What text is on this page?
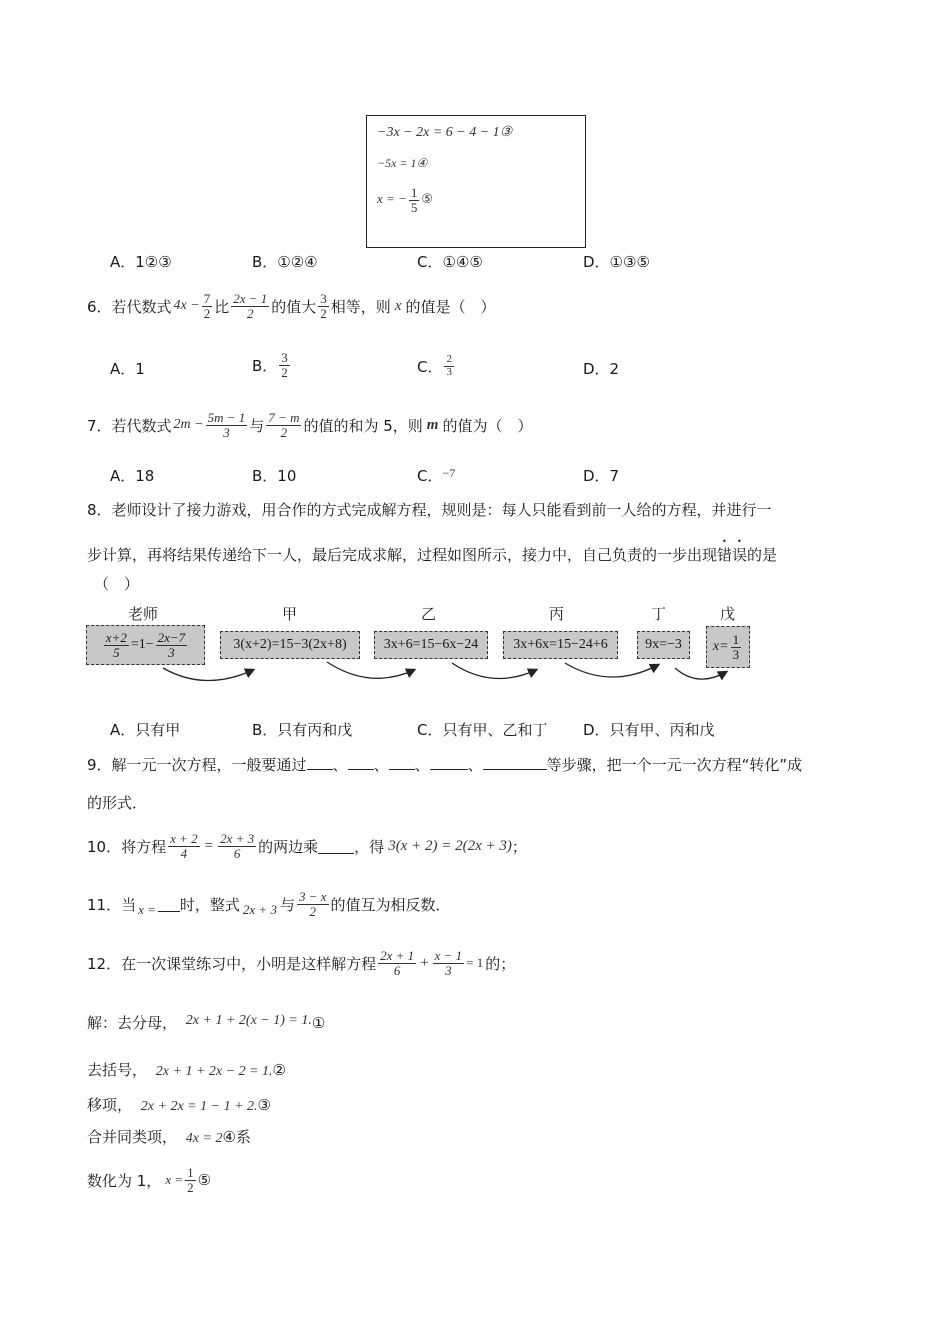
−3x − 2x = 6 − 4 − 1③
−5x = 1④
x = − $\frac{1}{5}$ ⑤
A．1②③	B．①②④	C．①④⑤	D．①③⑤
6．若代数式 $4x - \frac{7}{2}$ 比 $\frac{2x - 1}{2}$ 的值大 $\frac{3}{2}$ 相等，则 x 的值是（　）
A．1	B． $\frac{3}{2}$	C． $\frac{2}{3}$	D．2
7．若代数式 $2m - \frac{5m - 1}{3}$ 与 $\frac{7 - m}{2}$ 的值的和为 5，则 m 的值为（　）
A．18	B．10	C．$^{-7}$	D．7
8．老师设计了接力游戏，用合作的方式完成解方程，规则是：每人只能看到前一人给的方程，并进行一
步计算，再将结果传递给下一人，最后完成求解，过程如图所示，接力中，自己负责的一步出现错误的是
（　）
老师	甲	乙	丙	丁	戊
$\frac{x+2}{5} =1- \frac{2x-7}{3}$	3(x+2)=15−3(2x+8)	3x+6=15−6x−24	3x+6x=15−24+6	9x=−3	$x= \frac{1}{3}$
A．只有甲	B．只有丙和戊	C．只有甲、乙和丁 D．只有甲、丙和戊
9．解一元一次方程，一般要通过 、 、 、	、	等步骤，把一个一元一次方程“转化”成
的形式．
10．将方程 $\frac{x + 2}{4} = \frac{2x + 3}{6}$ 的两边乘 ，得 3(x + 2) = 2(2x + 3) ；
11．当 x = 时，整式 2x + 3 与 $\frac{3 - x}{2}$ 的值互为相反数．
12．在一次课堂练习中，小明是这样解方程 $\frac{2x + 1}{6} + \frac{x - 1}{3} = 1$ 的；
解：去分母， 2x + 1 + 2(x − 1) = 1.①
去括号， 2x + 1 + 2x − 2 = 1.②
移项， 2x + 2x = 1 − 1 + 2.③
合并同类项， 4x = 2④系
数化为 1， $x = \frac{1}{2}$ ⑤
